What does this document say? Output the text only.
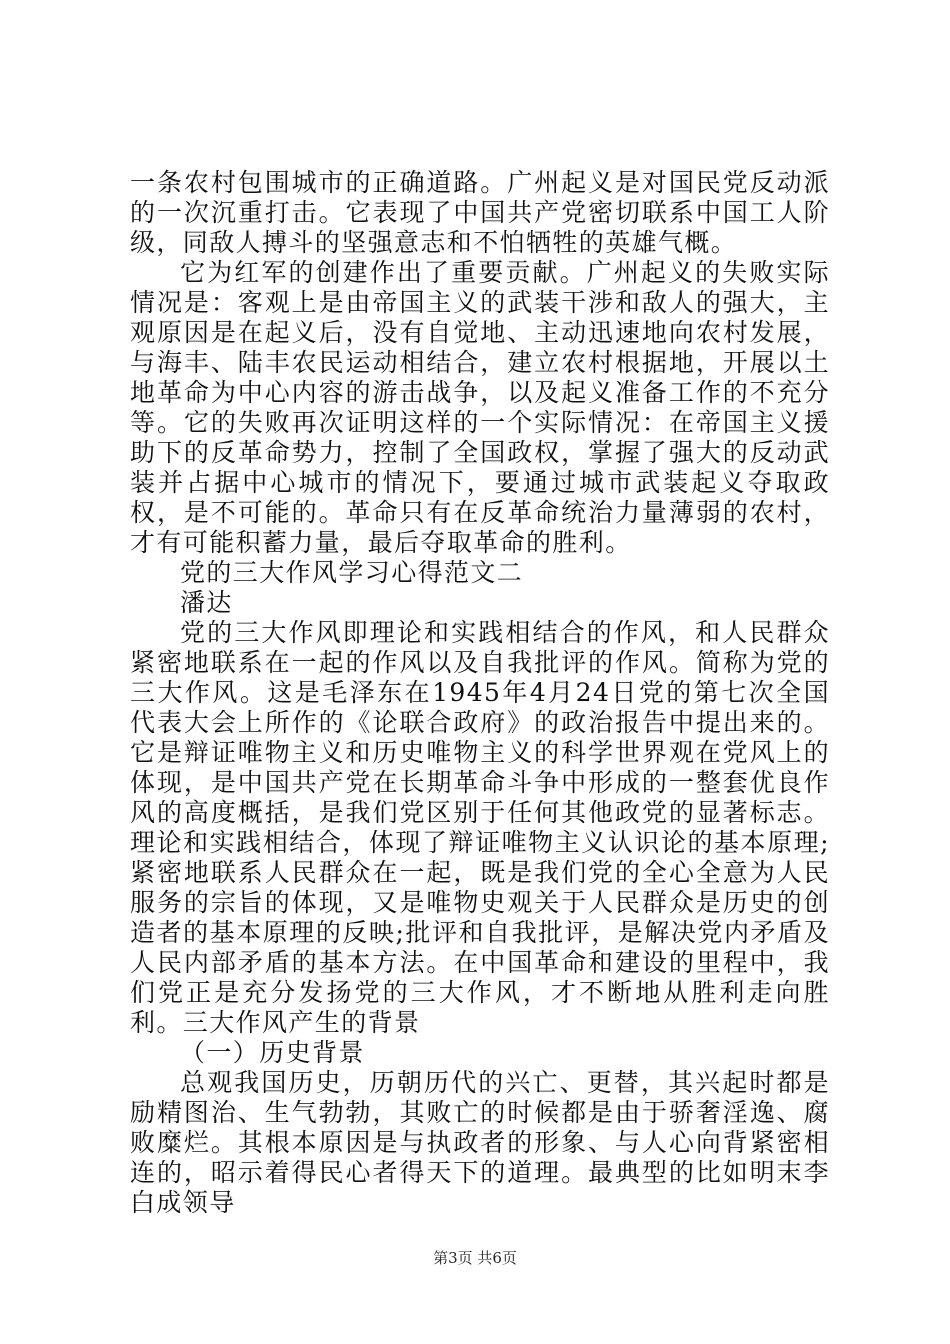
一条农村包围城市的正确道路。广州起义是对国民党反动派的一次沉重打击。它表现了中国共产党密切联系中国工人阶级，同敌人搏斗的坚强意志和不怕牺牲的英雄气概。

它为红军的创建作出了重要贡献。广州起义的失败实际情况是：客观上是由帝国主义的武装干涉和敌人的强大，主观原因是在起义后，没有自觉地、主动迅速地向农村发展，与海丰、陆丰农民运动相结合，建立农村根据地，开展以土地革命为中心内容的游击战争，以及起义准备工作的不充分等。它的失败再次证明这样的一个实际情况：在帝国主义援助下的反革命势力，控制了全国政权，掌握了强大的反动武装并占据中心城市的情况下，要通过城市武装起义夺取政权，是不可能的。革命只有在反革命统治力量薄弱的农村，才有可能积蓄力量，最后夺取革命的胜利。

党的三大作风学习心得范文二

潘达

党的三大作风即理论和实践相结合的作风，和人民群众紧密地联系在一起的作风以及自我批评的作风。简称为党的三大作风。这是毛泽东在1945年4月24日党的第七次全国代表大会上所作的《论联合政府》的政治报告中提出来的。它是辩证唯物主义和历史唯物主义的科学世界观在党风上的体现，是中国共产党在长期革命斗争中形成的一整套优良作风的高度概括，是我们党区别于任何其他政党的显著标志。理论和实践相结合，体现了辩证唯物主义认识论的基本原理;紧密地联系人民群众在一起，既是我们党的全心全意为人民服务的宗旨的体现，又是唯物史观关于人民群众是历史的创造者的基本原理的反映;批评和自我批评，是解决党内矛盾及人民内部矛盾的基本方法。在中国革命和建设的里程中，我们党正是充分发扬党的三大作风，才不断地从胜利走向胜利。三大作风产生的背景

（一）历史背景

总观我国历史，历朝历代的兴亡、更替，其兴起时都是励精图治、生气勃勃，其败亡的时候都是由于骄奢淫逸、腐败糜烂。其根本原因是与执政者的形象、与人心向背紧密相连的，昭示着得民心者得天下的道理。最典型的比如明末李白成领导

第3页 共6页
